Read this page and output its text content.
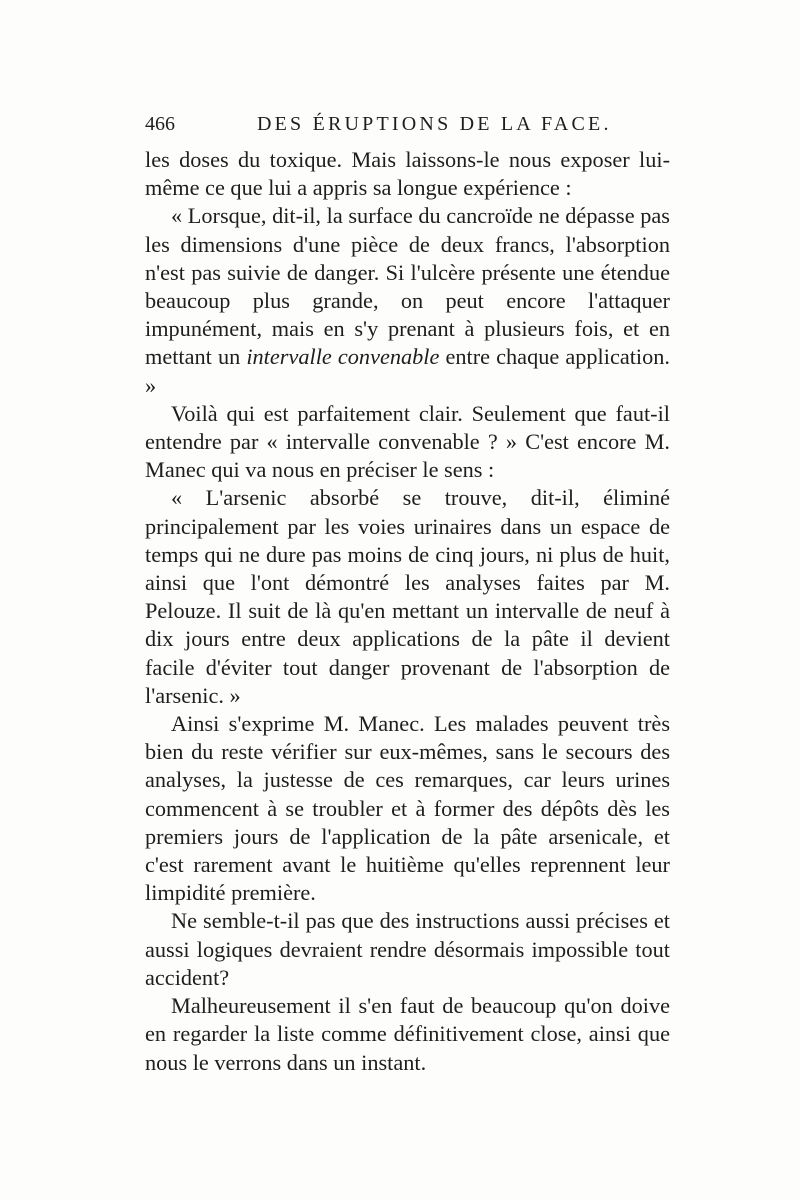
466	DES ÉRUPTIONS DE LA FACE.

les doses du toxique. Mais laissons-le nous exposer lui-même ce que lui a appris sa longue expérience :

« Lorsque, dit-il, la surface du cancroïde ne dépasse pas les dimensions d'une pièce de deux francs, l'absorption n'est pas suivie de danger. Si l'ulcère présente une étendue beaucoup plus grande, on peut encore l'attaquer impunément, mais en s'y prenant à plusieurs fois, et en mettant un intervalle convenable entre chaque application. »

Voilà qui est parfaitement clair. Seulement que faut-il entendre par « intervalle convenable ? » C'est encore M. Manec qui va nous en préciser le sens :

« L'arsenic absorbé se trouve, dit-il, éliminé principalement par les voies urinaires dans un espace de temps qui ne dure pas moins de cinq jours, ni plus de huit, ainsi que l'ont démontré les analyses faites par M. Pelouze. Il suit de là qu'en mettant un intervalle de neuf à dix jours entre deux applications de la pâte il devient facile d'éviter tout danger provenant de l'absorption de l'arsenic. »

Ainsi s'exprime M. Manec. Les malades peuvent très bien du reste vérifier sur eux-mêmes, sans le secours des analyses, la justesse de ces remarques, car leurs urines commencent à se troubler et à former des dépôts dès les premiers jours de l'application de la pâte arsenicale, et c'est rarement avant le huitième qu'elles reprennent leur limpidité première.

Ne semble-t-il pas que des instructions aussi précises et aussi logiques devraient rendre désormais impossible tout accident?

Malheureusement il s'en faut de beaucoup qu'on doive en regarder la liste comme définitivement close, ainsi que nous le verrons dans un instant.
